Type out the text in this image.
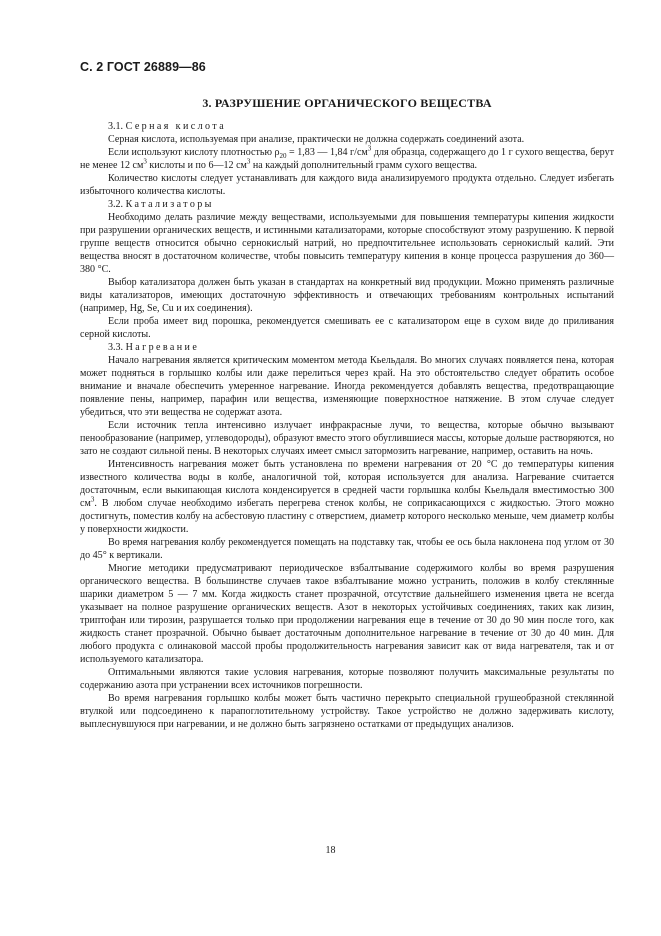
С. 2 ГОСТ 26889—86
3. РАЗРУШЕНИЕ ОРГАНИЧЕСКОГО ВЕЩЕСТВА

3.1. Серная кислота

Серная кислота, используемая при анализе, практически не должна содержать соединений азота.

Если используют кислоту плотностью $\rho_{20} = 1,83$ — 1,84 $г/см^3$ для образца, содержащего до 1 г сухого вещества, берут не менее 12 $см^3$ кислоты и по 6—12 $см^3$ на каждый дополнительный грамм сухого вещества.

Количество кислоты следует устанавливать для каждого вида анализируемого продукта отдельно. Следует избегать избыточного количества кислоты.

3.2. Катализаторы

Необходимо делать различие между веществами, используемыми для повышения температуры кипения жидкости при разрушении органических веществ, и истинными катализаторами, которые способствуют этому разрушению. К первой группе веществ относится обычно сернокислый натрий, но предпочтительнее использовать сернокислый калий. Эти вещества вносят в достаточном количестве, чтобы повысить температуру кипения в конце процесса разрушения до 360—380 °С.

Выбор катализатора должен быть указан в стандартах на конкретный вид продукции. Можно применять различные виды катализаторов, имеющих достаточную эффективность и отвечающих требованиям контрольных испытаний (например, Hg, Se, Cu и их соединения).

Если проба имеет вид порошка, рекомендуется смешивать ее с катализатором еще в сухом виде до приливания серной кислоты.

3.3. Нагревание

Начало нагревания является критическим моментом метода Кьельдаля. Во многих случаях появляется пена, которая может подняться в горлышко колбы или даже перелиться через край. На это обстоятельство следует обратить особое внимание и вначале обеспечить умеренное нагревание. Иногда рекомендуется добавлять вещества, предотвращающие появление пены, например, парафин или вещества, изменяющие поверхностное натяжение. В этом случае следует убедиться, что эти вещества не содержат азота.

Если источник тепла интенсивно излучает инфракрасные лучи, то вещества, которые обычно вызывают пенообразование (например, углеводороды), образуют вместо этого обуглившиеся массы, которые дольше растворяются, но зато не создают сильной пены. В некоторых случаях имеет смысл затормозить нагревание, например, оставить на ночь.

Интенсивность нагревания может быть установлена по времени нагревания от 20 °С до температуры кипения известного количества воды в колбе, аналогичной той, которая используется для анализа. Нагревание считается достаточным, если выкипающая кислота конденсируется в средней части горлышка колбы Кьельдаля вместимостью 300 $см^3$. В любом случае необходимо избегать перегрева стенок колбы, не соприкасающихся с жидкостью. Этого можно достигнуть, поместив колбу на асбестовую пластину с отверстием, диаметр которого несколько меньше, чем диаметр колбы у поверхности жидкости.

Во время нагревания колбу рекомендуется помещать на подставку так, чтобы ее ось была наклонена под углом от 30 до 45° к вертикали.

Многие методики предусматривают периодическое взбалтывание содержимого колбы во время разрушения органического вещества. В большинстве случаев такое взбалтывание можно устранить, положив в колбу стеклянные шарики диаметром 5 — 7 мм. Когда жидкость станет прозрачной, отсутствие дальнейшего изменения цвета не всегда указывает на полное разрушение органических веществ. Азот в некоторых устойчивых соединениях, таких как лизин, триптофан или тирозин, разрушается только при продолжении нагревания еще в течение от 30 до 90 мин после того, как жидкость станет прозрачной. Обычно бывает достаточным дополнительное нагревание в течение от 30 до 40 мин. Для любого продукта с олинаковой массой пробы продолжительность нагревания зависит как от вида нагревателя, так и от используемого катализатора.

Оптимальными являются такие условия нагревания, которые позволяют получить максимальные результаты по содержанию азота при устранении всех источников погрешности.

Во время нагревания горлышко колбы может быть частично перекрыто специальной грушеобразной стеклянной втулкой или подсоединено к парапоглотительному устройству. Такое устройство не должно задерживать кислоту, выплеснувшуюся при нагревании, и не должно быть загрязнено остатками от предыдущих анализов.

18
